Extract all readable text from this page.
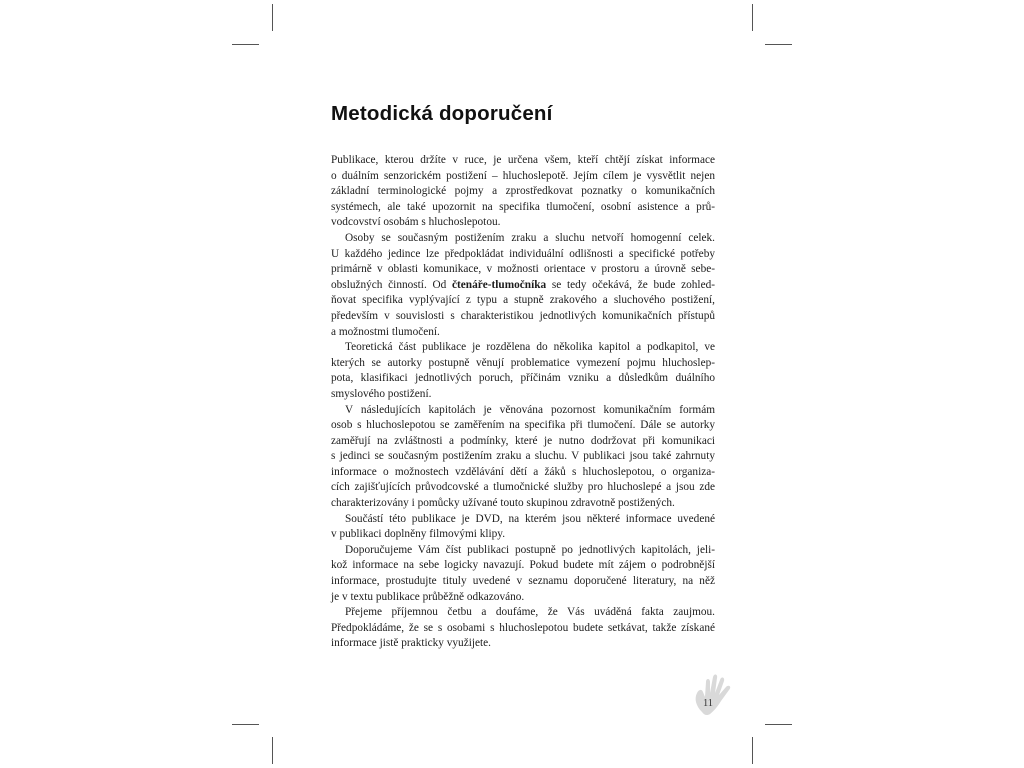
Metodická doporučení
Publikace, kterou držíte v ruce, je určena všem, kteří chtějí získat informace
o duálním senzorickém postižení – hluchoslepotě. Jejím cílem je vysvětlit nejen
základní terminologické pojmy a zprostředkovat poznatky o komunikačních
systémech, ale také upozornit na specifika tlumočení, osobní asistence a prů-
vodcovství osobám s hluchoslepotou.
Osoby se současným postižením zraku a sluchu netvoří homogenní celek.
U každého jedince lze předpokládat individuální odlišnosti a specifické potřeby
primárně v oblasti komunikace, v možnosti orientace v prostoru a úrovně sebe-
obslužných činností. Od čtenáře-tlumočníka se tedy očekává, že bude zohled-
ňovat specifika vyplývající z typu a stupně zrakového a sluchového postižení,
především v souvislosti s charakteristikou jednotlivých komunikačních přístupů
a možnostmi tlumočení.
Teoretická část publikace je rozdělena do několika kapitol a podkapitol, ve
kterých se autorky postupně věnují problematice vymezení pojmu hluchoslep-
pota, klasifikaci jednotlivých poruch, příčinám vzniku a důsledkům duálního
smyslového postižení.
V následujících kapitolách je věnována pozornost komunikačním formám
osob s hluchoslepotou se zaměřením na specifika při tlumočení. Dále se autorky
zaměřují na zvláštnosti a podmínky, které je nutno dodržovat při komunikaci
s jedinci se současným postižením zraku a sluchu. V publikaci jsou také zahrnuty
informace o možnostech vzdělávání dětí a žáků s hluchoslepotou, o organiza-
cích zajišťujících průvodcovské a tlumočnické služby pro hluchoslepé a jsou zde
charakterizovány i pomůcky užívané touto skupinou zdravotně postižených.
Součástí této publikace je DVD, na kterém jsou některé informace uvedené
v publikaci doplněny filmovými klipy.
Doporučujeme Vám číst publikaci postupně po jednotlivých kapitolách, jeli-
kož informace na sebe logicky navazují. Pokud budete mít zájem o podrobnější
informace, prostudujte tituly uvedené v seznamu doporučené literatury, na něž
je v textu publikace průběžně odkazováno.
Přejeme příjemnou četbu a doufáme, že Vás uváděná fakta zaujmou.
Předpokládáme, že se s osobami s hluchoslepotou budete setkávat, takže získané
informace jistě prakticky využijete.
11
